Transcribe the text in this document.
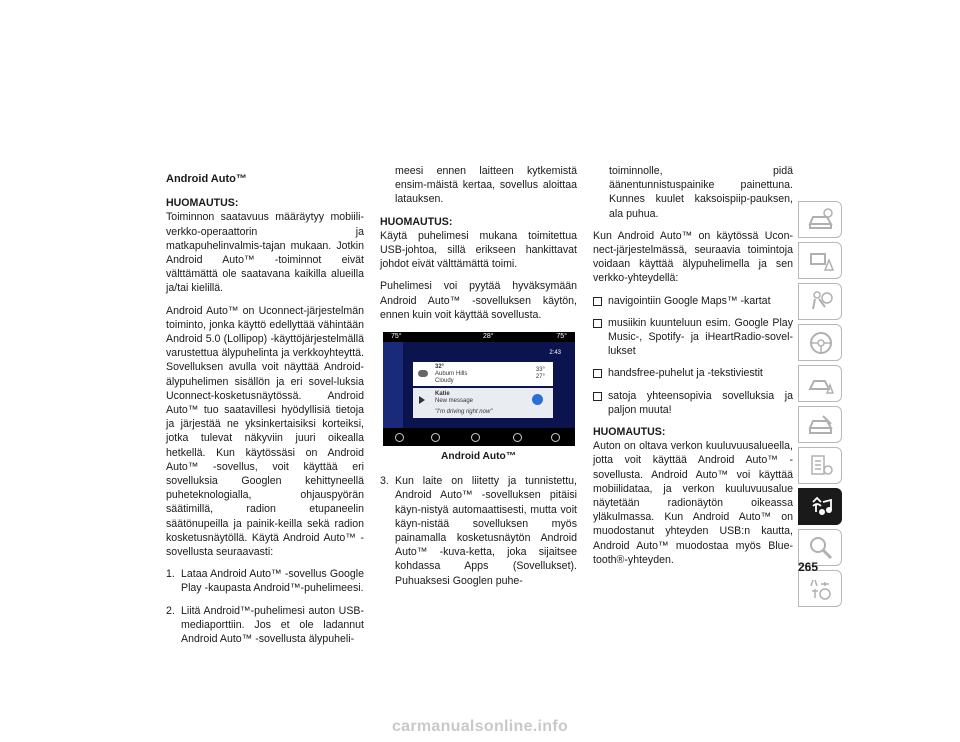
Android Auto™

HUOMAUTUS:
Toiminnon saatavuus määräytyy mobiili-verkko-operaattorin ja matkapuhelinvalmis-tajan mukaan. Jotkin Android Auto™ -toiminnot eivät välttämättä ole saatavana kaikilla alueilla ja/tai kielillä.

Android Auto™ on Uconnect-järjestelmän toiminto, jonka käyttö edellyttää vähintään Android 5.0 (Lollipop) -käyttöjärjestelmällä varustettua älypuhelinta ja verkkoyhteyttä. Sovelluksen avulla voit näyttää Android-älypuhelimen sisällön ja eri sovel-luksia Uconnect-kosketusnäytössä. Android Auto™ tuo saatavillesi hyödyllisiä tietoja ja järjestää ne yksinkertaisiksi korteiksi, jotka tulevat näkyviin juuri oikealla hetkellä. Kun käytössäsi on Android Auto™ -sovellus, voit käyttää eri sovelluksia Googlen kehittyneellä puheteknologialla, ohjauspyörän säätimillä, radion etupaneelin säätönupeilla ja painik-keilla sekä radion kosketusnäytöllä. Käytä Android Auto™ -sovellusta seuraavasti:

1. Lataa Android Auto™ -sovellus Google Play -kaupasta Android™-puhelimeesi.
2. Liitä Android™-puhelimesi auton USB-mediaporttiin. Jos et ole ladannut Android Auto™ -sovellusta älypuheli-

meesi ennen laitteen kytkemistä ensim-mäistä kertaa, sovellus aloittaa latauksen.

HUOMAUTUS:
Käytä puhelimesi mukana toimitettua USB-johtoa, sillä erikseen hankittavat johdot eivät välttämättä toimi.

Puhelimesi voi pyytää hyväksymään Android Auto™ -sovelluksen käytön, ennen kuin voit käyttää sovellusta.

75°	28°	75°
2:43
32°
Auburn Hills
Cloudy
33°
27°
Katie
New message
"I'm driving right now"
Android Auto™
3. Kun laite on liitetty ja tunnistettu, Android Auto™ -sovelluksen pitäisi käyn-nistyä automaattisesti, mutta voit käyn-nistää sovelluksen myös painamalla kosketusnäytön Android Auto™ -kuva-ketta, joka sijaitsee kohdassa Apps (Sovellukset). Puhuaksesi Googlen puhe-

toiminnolle, pidä äänentunnistuspainike painettuna. Kunnes kuulet kaksoispiip-pauksen, ala puhua.

Kun Android Auto™ on käytössä Ucon-nect-järjestelmässä, seuraavia toimintoja voidaan käyttää älypuhelimella ja sen verkko-yhteydellä:

navigointiin Google Maps™ -kartat
musiikin kuunteluun esim. Google Play Music-, Spotify- ja iHeartRadio-sovel-lukset
handsfree-puhelut ja -tekstiviestit
satoja yhteensopivia sovelluksia ja paljon muuta!

HUOMAUTUS:
Auton on oltava verkon kuuluvuusalueella, jotta voit käyttää Android Auto™ -sovellusta. Android Auto™ voi käyttää mobiilidataa, ja verkon kuuluvuusalue näytetään radionäytön oikeassa yläkulmassa. Kun Android Auto™ on muodostanut yhteyden USB:n kautta, Android Auto™ muodostaa myös Blue-tooth®-yhteyden.

265
carmanualsonline.info
